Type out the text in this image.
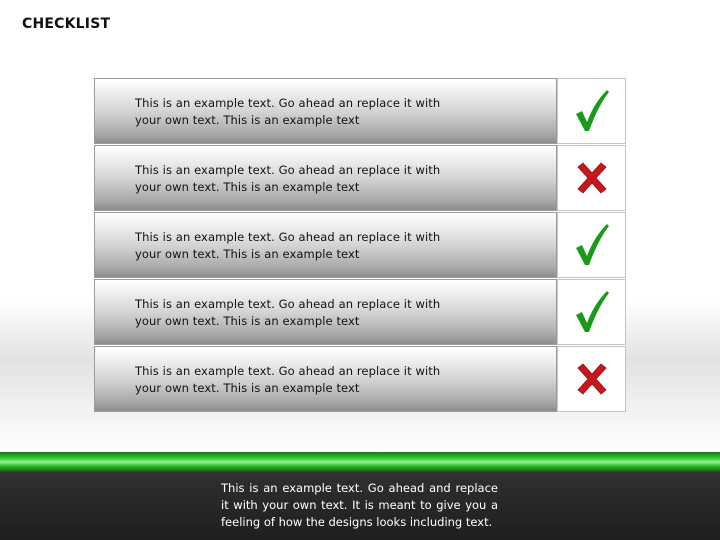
CHECKLIST
This is an example text. Go ahead an replace it with your own text. This is an example text
This is an example text. Go ahead an replace it with your own text. This is an example text
This is an example text. Go ahead an replace it with your own text. This is an example text
This is an example text. Go ahead an replace it with your own text. This is an example text
This is an example text. Go ahead an replace it with your own text. This is an example text
This is an example text. Go ahead and replace it with your own text. It is meant to give you a feeling of how the designs looks including text.
